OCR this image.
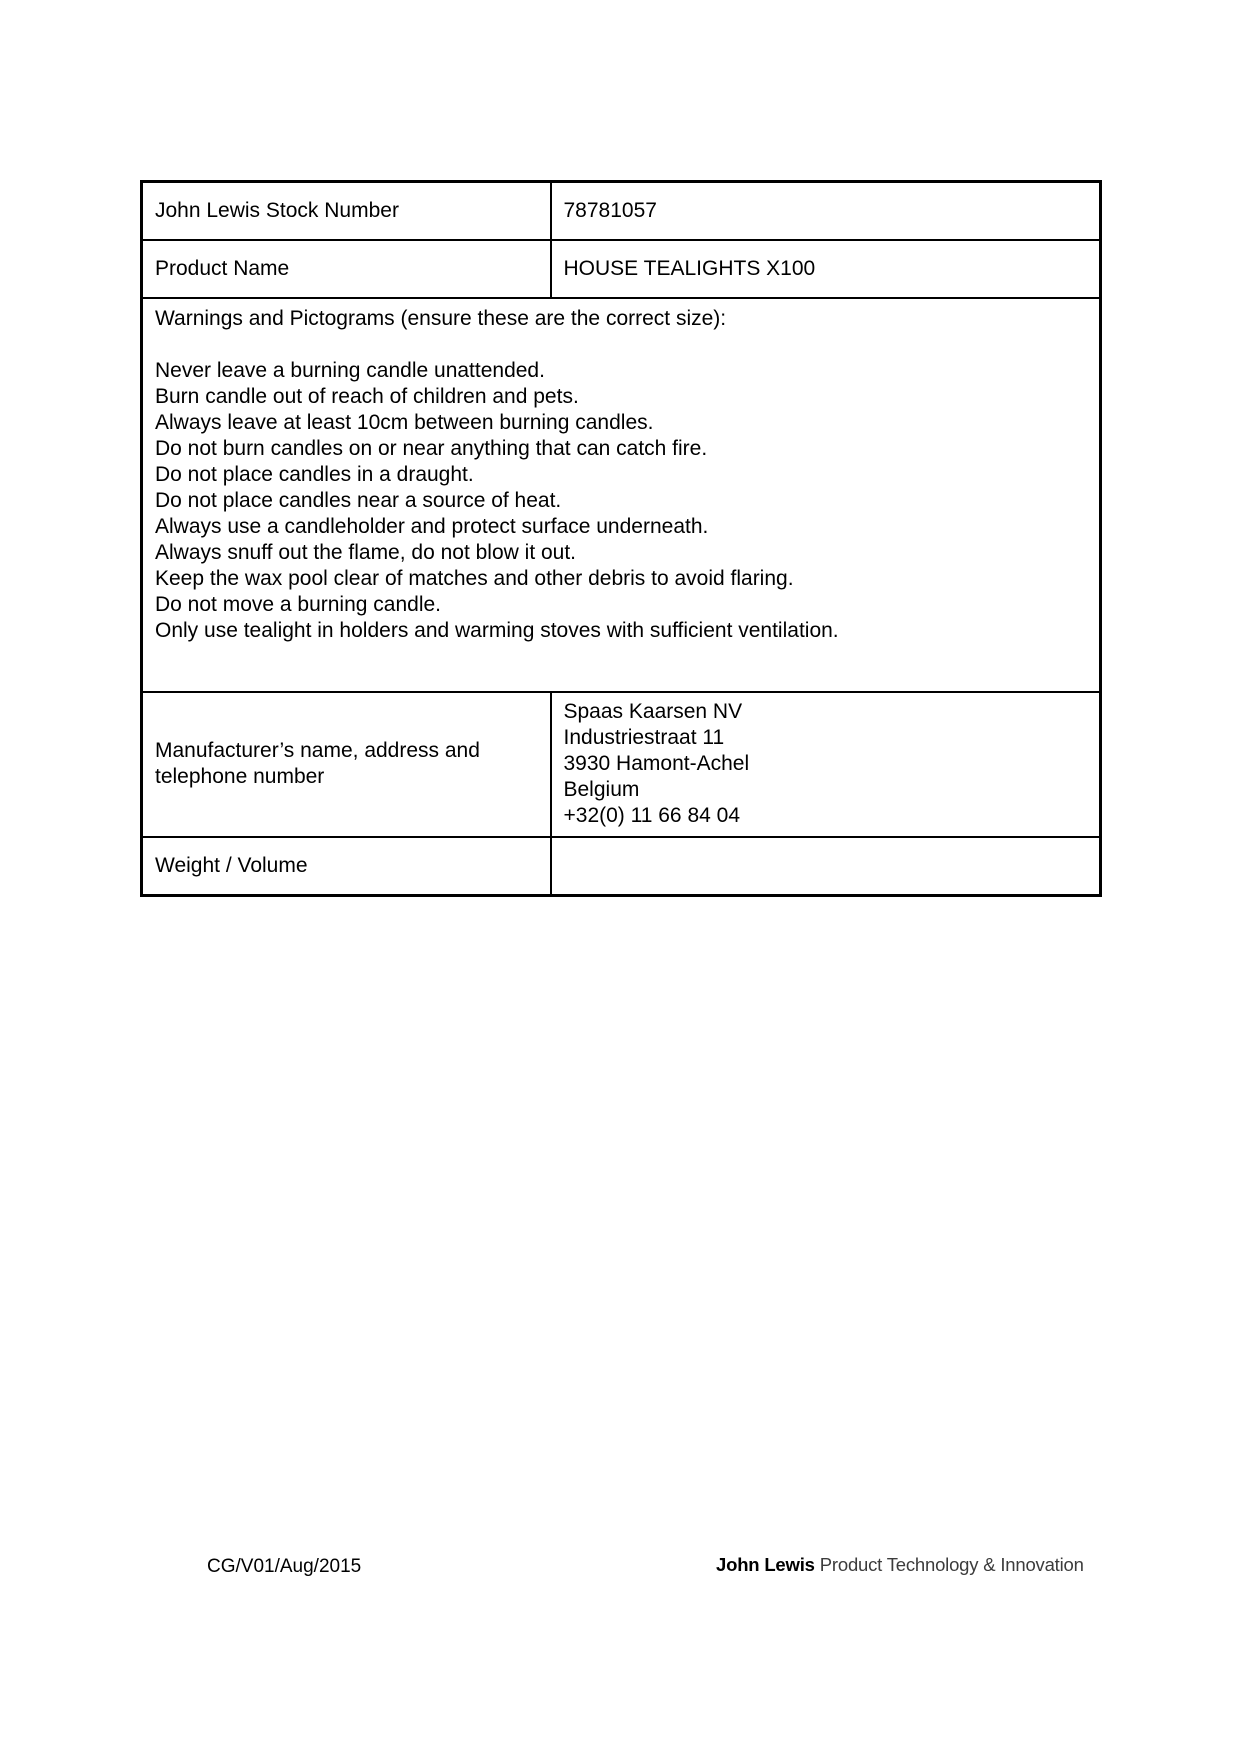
John Lewis Stock Number	78781057
Product Name	HOUSE TEALIGHTS X100

Warnings and Pictograms (ensure these are the correct size):
Never leave a burning candle unattended.
Burn candle out of reach of children and pets.
Always leave at least 10cm between burning candles.
Do not burn candles on or near anything that can catch fire.
Do not place candles in a draught.
Do not place candles near a source of heat.
Always use a candleholder and protect surface underneath.
Always snuff out the flame, do not blow it out.
Keep the wax pool clear of matches and other debris to avoid flaring.
Do not move a burning candle.
Only use tealight in holders and warming stoves with sufficient ventilation.

Manufacturer’s name, address and telephone number	Spaas Kaarsen NV
Industriestraat 11
3930 Hamont-Achel
Belgium
+32(0) 11 66 84 04

Weight / Volume	
CG/V01/Aug/2015	John Lewis Product Technology & Innovation
